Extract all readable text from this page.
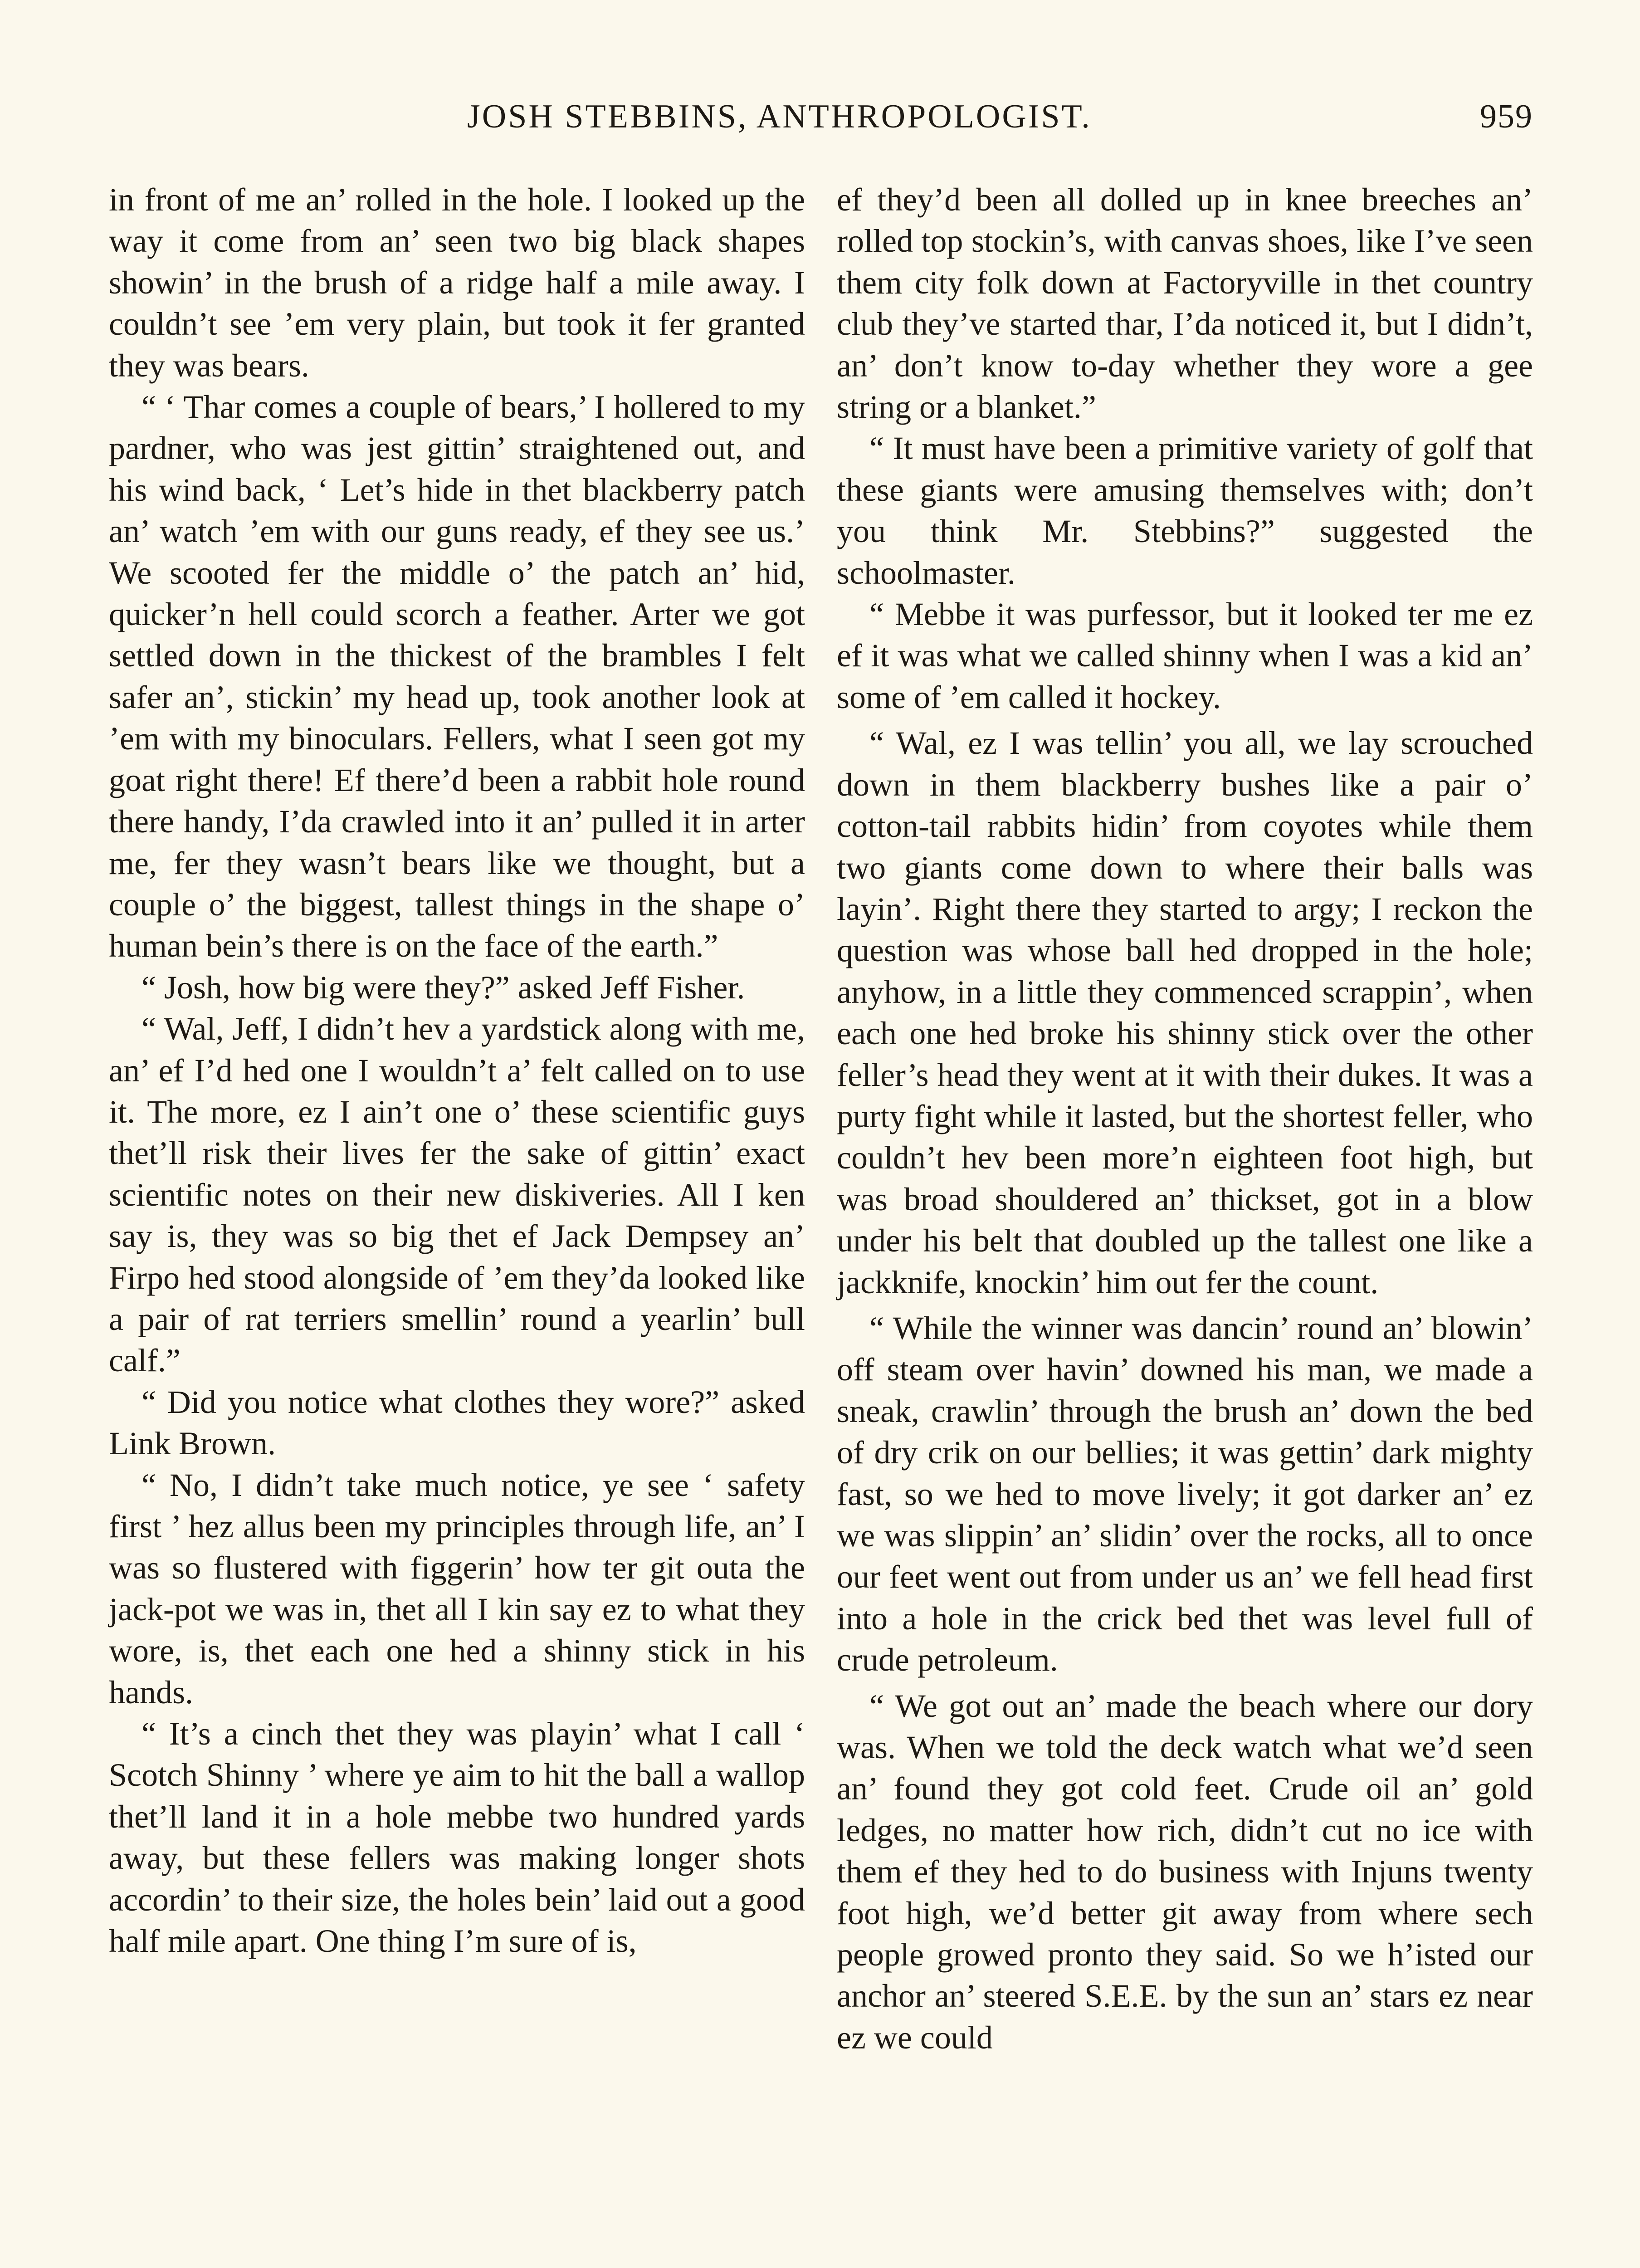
JOSH STEBBINS, ANTHROPOLOGIST.	959

in front of me an’ rolled in the hole. I looked up the way it come from an’ seen two big black shapes showin’ in the brush of a ridge half a mile away. I couldn’t see ’em very plain, but took it fer granted they was bears.

“ ‘ Thar comes a couple of bears,’ I hollered to my pardner, who was jest gittin’ straightened out, and his wind back, ‘ Let’s hide in thet blackberry patch an’ watch ’em with our guns ready, ef they see us.’ We scooted fer the middle o’ the patch an’ hid, quicker’n hell could scorch a feather. Arter we got settled down in the thickest of the brambles I felt safer an’, stickin’ my head up, took another look at ’em with my binoculars. Fellers, what I seen got my goat right there! Ef there’d been a rabbit hole round there handy, I’da crawled into it an’ pulled it in arter me, fer they wasn’t bears like we thought, but a couple o’ the biggest, tallest things in the shape o’ human bein’s there is on the face of the earth.”

“ Josh, how big were they?” asked Jeff Fisher.

“ Wal, Jeff, I didn’t hev a yardstick along with me, an’ ef I’d hed one I wouldn’t a’ felt called on to use it. The more, ez I ain’t one o’ these scientific guys thet’ll risk their lives fer the sake of gittin’ exact scientific notes on their new diskiveries. All I ken say is, they was so big thet ef Jack Dempsey an’ Firpo hed stood alongside of ’em they’da looked like a pair of rat terriers smellin’ round a yearlin’ bull calf.”

“ Did you notice what clothes they wore?” asked Link Brown.

“ No, I didn’t take much notice, ye see ‘ safety first ’ hez allus been my principles through life, an’ I was so flustered with figgerin’ how ter git outa the jack-pot we was in, thet all I kin say ez to what they wore, is, thet each one hed a shinny stick in his hands.

“ It’s a cinch thet they was playin’ what I call ‘ Scotch Shinny ’ where ye aim to hit the ball a wallop thet’ll land it in a hole mebbe two hundred yards away, but these fellers was making longer shots accordin’ to their size, the holes bein’ laid out a good half mile apart. One thing I’m sure of is,

ef they’d been all dolled up in knee breeches an’ rolled top stockin’s, with canvas shoes, like I’ve seen them city folk down at Factoryville in thet country club they’ve started thar, I’da noticed it, but I didn’t, an’ don’t know to-day whether they wore a gee string or a blanket.”

“ It must have been a primitive variety of golf that these giants were amusing themselves with; don’t you think Mr. Stebbins?” suggested the schoolmaster.

“ Mebbe it was purfessor, but it looked ter me ez ef it was what we called shinny when I was a kid an’ some of ’em called it hockey.

“ Wal, ez I was tellin’ you all, we lay scrouched down in them blackberry bushes like a pair o’ cotton-tail rabbits hidin’ from coyotes while them two giants come down to where their balls was layin’. Right there they started to argy; I reckon the question was whose ball hed dropped in the hole; anyhow, in a little they commenced scrappin’, when each one hed broke his shinny stick over the other feller’s head they went at it with their dukes. It was a purty fight while it lasted, but the shortest feller, who couldn’t hev been more’n eighteen foot high, but was broad shouldered an’ thickset, got in a blow under his belt that doubled up the tallest one like a jackknife, knockin’ him out fer the count.

“ While the winner was dancin’ round an’ blowin’ off steam over havin’ downed his man, we made a sneak, crawlin’ through the brush an’ down the bed of dry crik on our bellies; it was gettin’ dark mighty fast, so we hed to move lively; it got darker an’ ez we was slippin’ an’ slidin’ over the rocks, all to once our feet went out from under us an’ we fell head first into a hole in the crick bed thet was level full of crude petroleum.

“ We got out an’ made the beach where our dory was. When we told the deck watch what we’d seen an’ found they got cold feet. Crude oil an’ gold ledges, no matter how rich, didn’t cut no ice with them ef they hed to do business with Injuns twenty foot high, we’d better git away from where sech people growed pronto they said. So we h’isted our anchor an’ steered S.E.E. by the sun an’ stars ez near ez we could
